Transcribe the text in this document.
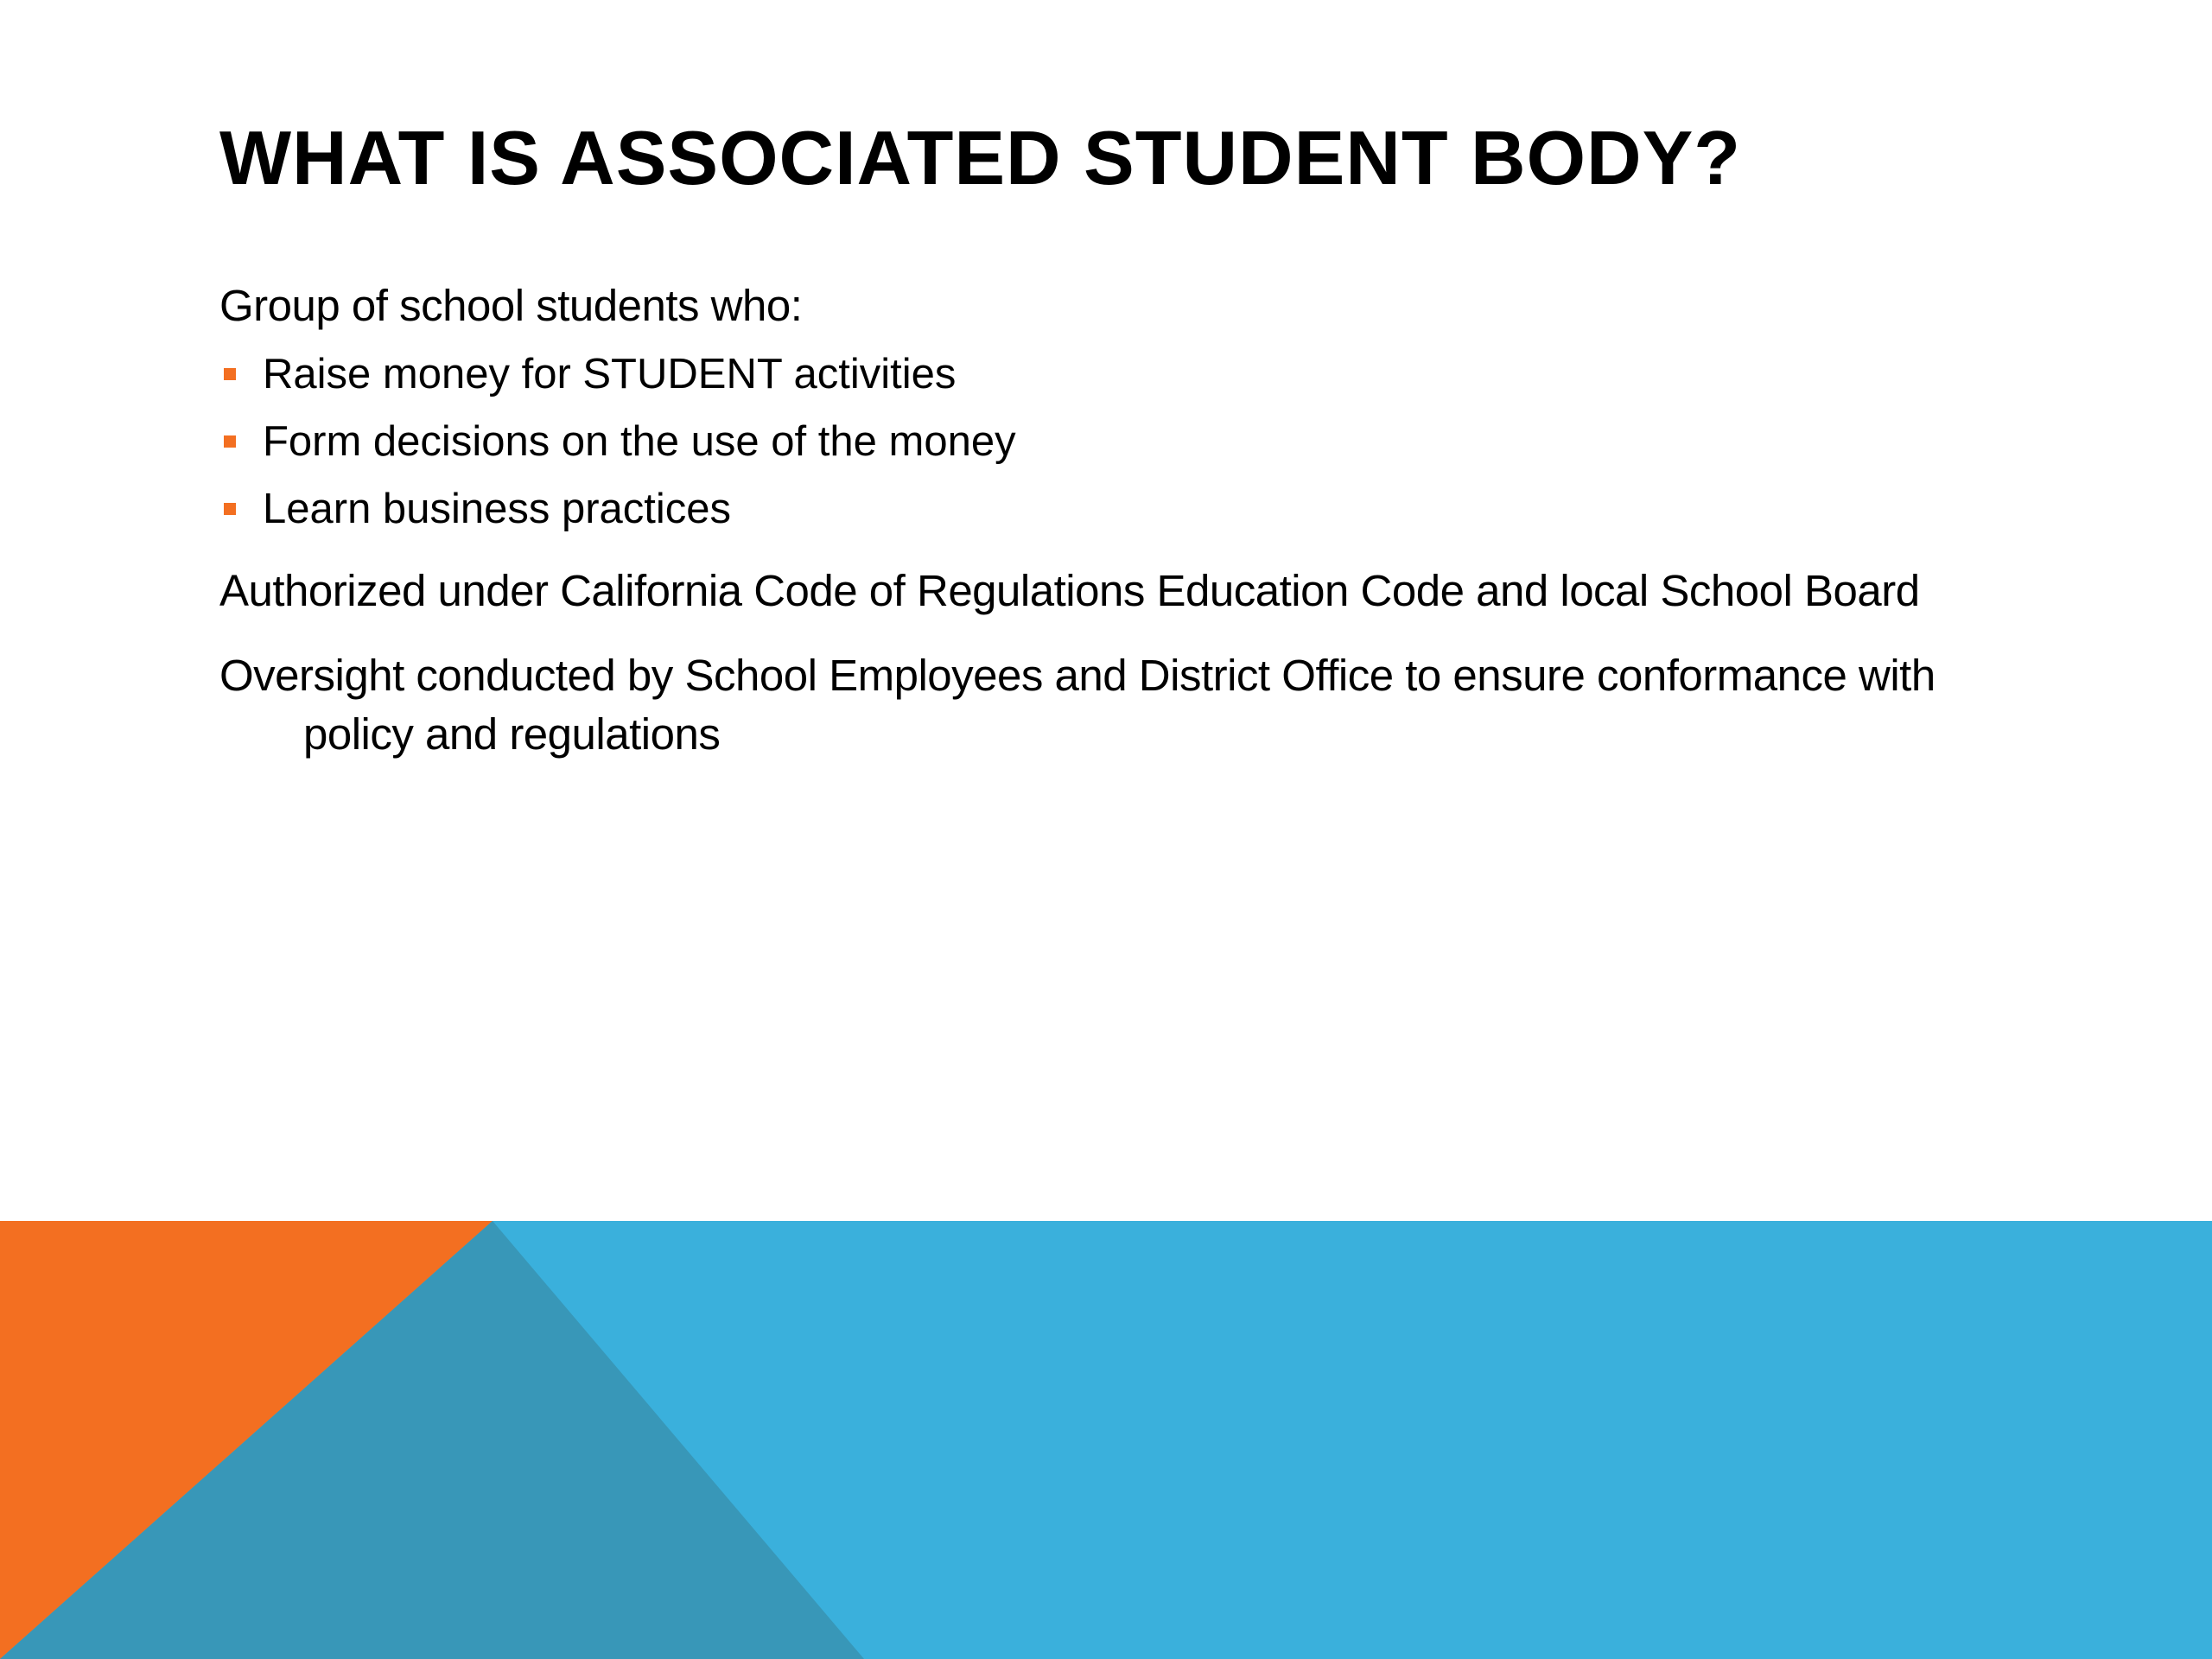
WHAT IS ASSOCIATED STUDENT BODY?

Group of school students who:

Raise money for STUDENT activities
Form decisions on the use of the money
Learn business practices

Authorized under California Code of Regulations Education Code and local School Board

Oversight conducted by School Employees and District Office to ensure conformance with policy and regulations
